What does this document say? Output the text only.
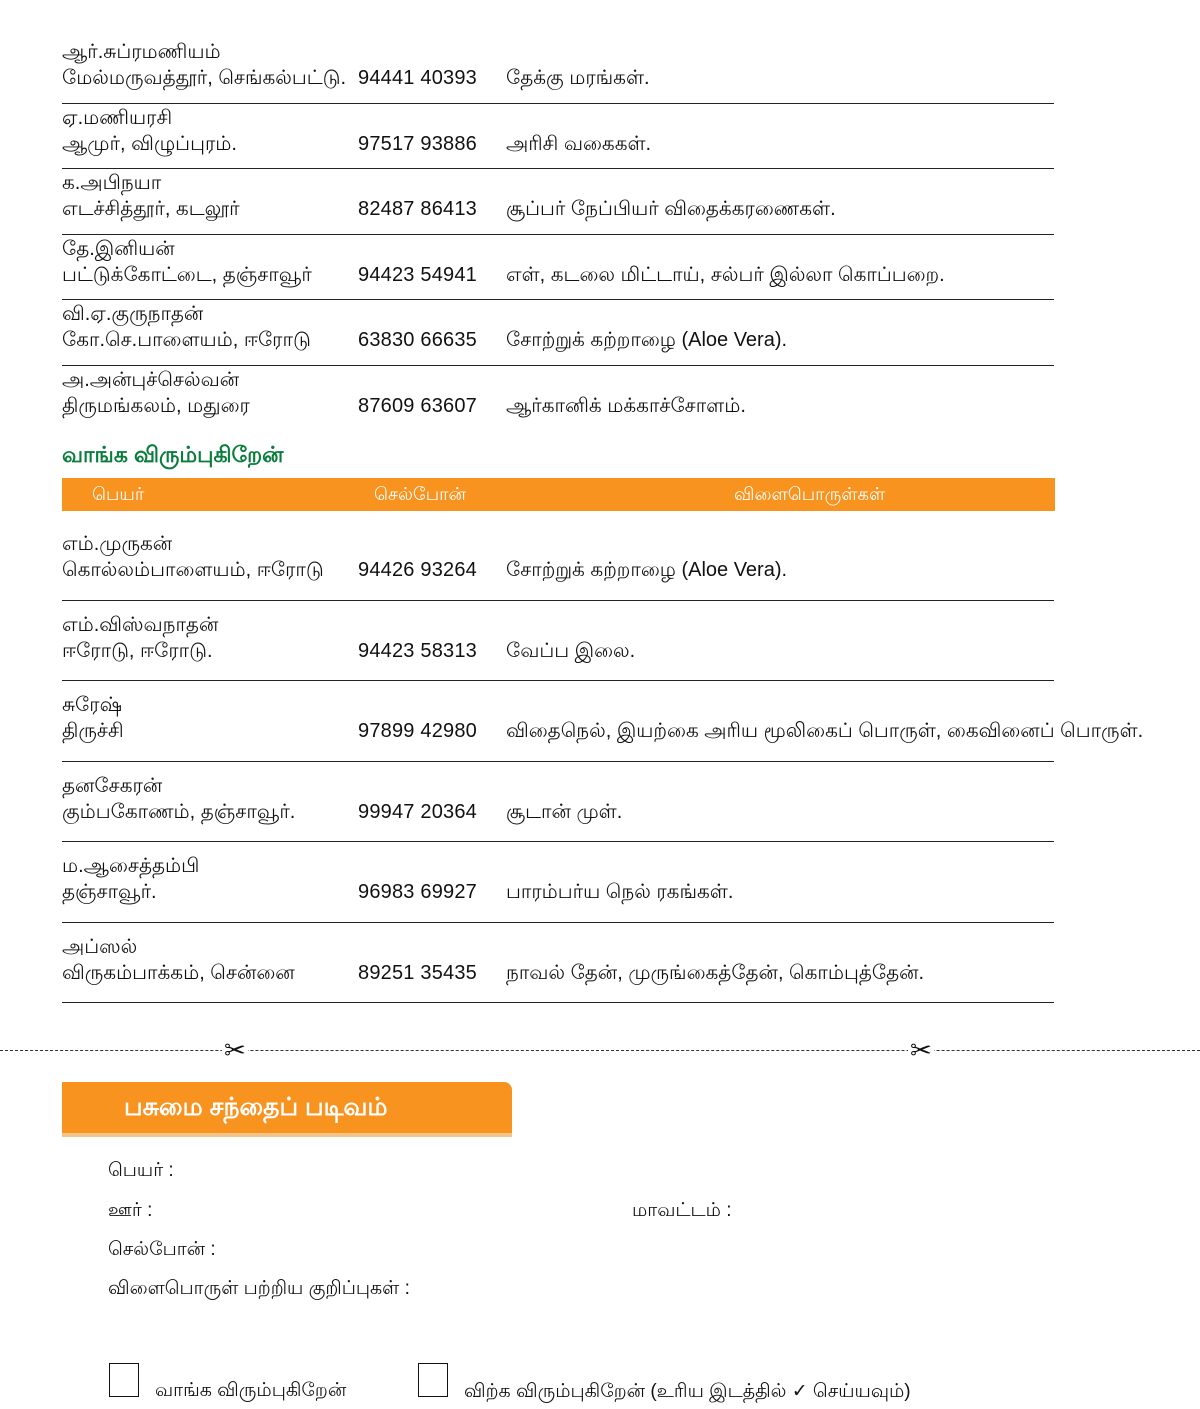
ஆர்.சுப்ரமணியம்
மேல்மருவத்தூர், செங்கல்பட்டு. 94441 40393 தேக்கு மரங்கள்.
ஏ.மணியரசி
ஆமுர், விழுப்புரம்.	97517 93886 அரிசி வகைகள்.
க.அபிநயா
எடச்சித்தூர், கடலூர்	82487 86413 சூப்பர் நேப்பியர் விதைக்கரணைகள்.
தே.இனியன்
பட்டுக்கோட்டை, தஞ்சாவூர் 94423 54941 எள், கடலை மிட்டாய், சல்பர் இல்லா கொப்பறை.
வி.ஏ.குருநாதன்
கோ.செ.பாளையம், ஈரோடு 63830 66635 சோற்றுக் கற்றாழை (Aloe Vera).
அ.அன்புச்செல்வன்
திருமங்கலம், மதுரை	87609 63607 ஆர்கானிக் மக்காச்சோளம்.
வாங்க விரும்புகிறேன்
பெயர்	செல்போன்	விளைபொருள்கள்
எம்.முருகன்
கொல்லம்பாளையம், ஈரோடு 94426 93264 சோற்றுக் கற்றாழை (Aloe Vera).
எம்.விஸ்வநாதன்
ஈரோடு, ஈரோடு.	94423 58313 வேப்ப இலை.
சுரேஷ்
திருச்சி	97899 42980 விதைநெல், இயற்கை அரிய மூலிகைப் பொருள், கைவினைப் பொருள்.
தனசேகரன்
கும்பகோணம், தஞ்சாவூர்.	99947 20364 சூடான் முள்.
ம.ஆசைத்தம்பி
தஞ்சாவூர்.	96983 69927 பாரம்பர்ய நெல் ரகங்கள்.
அப்ஸல்
விருகம்பாக்கம், சென்னை	89251 35435 நாவல் தேன், முருங்கைத்தேன், கொம்புத்தேன்.
✂	✂
பசுமை சந்தைப் படிவம்
பெயர் :
ஊர் :	மாவட்டம் :
செல்போன் :
விளைபொருள் பற்றிய குறிப்புகள் :
வாங்க விரும்புகிறேன்	விற்க விரும்புகிறேன் (உரிய இடத்தில் ✓ செய்யவும்)
